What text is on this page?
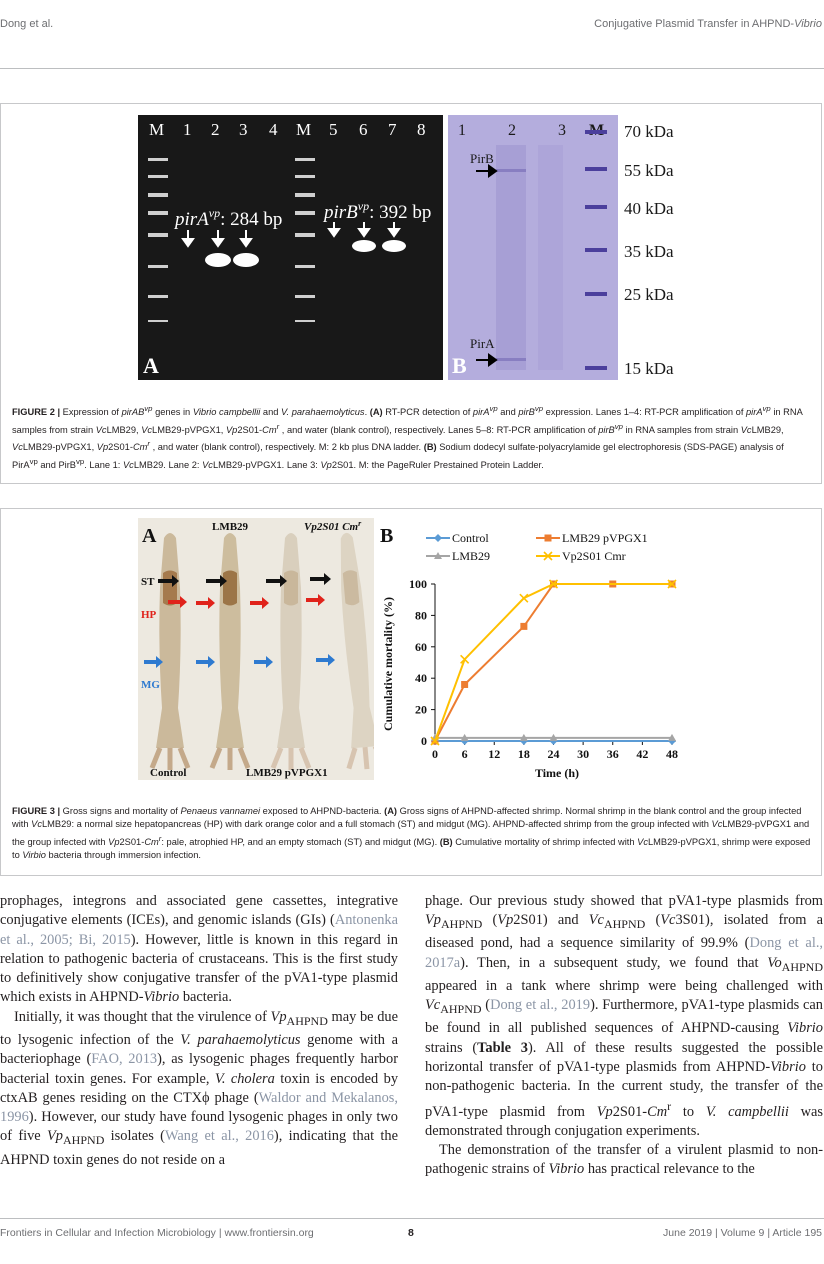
Dong et al.	Conjugative Plasmid Transfer in AHPND-Vibrio
M 1 2 3 4 M 5 6 7 8
pirA$^{vp}$: 284 bp pirB$^{vp}$: 392 bp
A
1	2	3
PirB
PirA
B
70 kDa
55 kDa
40 kDa
35 kDa
25 kDa
15 kDa
FIGURE 2 | Expression of pirAB$^{vp}$ genes in Vibrio campbellii and V. parahaemolyticus. (A) RT-PCR detection of pirA$^{vp}$ and pirB$^{vp}$ expression. Lanes 1–4: RT-PCR amplification of pirA$^{vp}$ in RNA samples from strain VcLMB29, VcLMB29-pVPGX1, Vp2S01-Cm$^r$ , and water (blank control), respectively. Lanes 5–8: RT-PCR amplification of pirB$^{vp}$ in RNA samples from strain VcLMB29, VcLMB29-pVPGX1, Vp2S01-Cm$^r$ , and water (blank control), respectively. M: 2 kb plus DNA ladder. (B) Sodium dodecyl sulfate-polyacrylamide gel electrophoresis (SDS-PAGE) analysis of PirA$^{vp}$ and PirB$^{vp}$. Lane 1: VcLMB29. Lane 2: VcLMB29-pVPGX1. Lane 3: Vp2S01. M: the PageRuler Prestained Protein Ladder.
A	LMB29	Vp2S01 Cm$^r$
ST
HP
MG
Control	LMB29 pVPGX1
B	Control	LMB29 pVPGX1
LMB29	Vp2S01 Cmr
0
20
40
60
80
100
0 6 12 18 24 30 36 42 48
Cumulative mortality (%)
Time (h)
FIGURE 3 | Gross signs and mortality of Penaeus vannamei exposed to AHPND-bacteria. (A) Gross signs of AHPND-affected shrimp. Normal shrimp in the blank control and the group infected with VcLMB29: a normal size hepatopancreas (HP) with dark orange color and a full stomach (ST) and midgut (MG). AHPND-affected shrimp from the group infected with VcLMB29-pVPGX1 and the group infected with Vp2S01-Cm$^r$: pale, atrophied HP, and an empty stomach (ST) and midgut (MG). (B) Cumulative mortality of shrimp infected with VcLMB29-pVPGX1, shrimp were exposed to Virbio bacteria through immersion infection.

prophages, integrons and associated gene cassettes, integrative conjugative elements (ICEs), and genomic islands (GIs) (Antonenka et al., 2005; Bi, 2015). However, little is known in this regard in relation to pathogenic bacteria of crustaceans. This is the first study to definitively show conjugative transfer of the pVA1-type plasmid which exists in AHPND-Vibrio bacteria.

Initially, it was thought that the virulence of $Vp_{AHPND}$ may be due to lysogenic infection of the V. parahaemolyticus genome with a bacteriophage (FAO, 2013), as lysogenic phages frequently harbor bacterial toxin genes. For example, V. cholera toxin is encoded by ctxAB genes residing on the CTXϕ phage (Waldor and Mekalanos, 1996). However, our study have found lysogenic phages in only two of five $Vp_{AHPND}$ isolates (Wang et al., 2016), indicating that the AHPND toxin genes do not reside on a

phage. Our previous study showed that pVA1-type plasmids from $Vp_{AHPND}$ (Vp2S01) and $Vc_{AHPND}$ (Vc3S01), isolated from a diseased pond, had a sequence similarity of 99.9% (Dong et al., 2017a). Then, in a subsequent study, we found that $Vo_{AHPND}$ appeared in a tank where shrimp were being challenged with $Vc_{AHPND}$ (Dong et al., 2019). Furthermore, pVA1-type plasmids can be found in all published sequences of AHPND-causing Vibrio strains (Table 3). All of these results suggested the possible horizontal transfer of pVA1-type plasmids from AHPND-Vibrio to non-pathogenic bacteria. In the current study, the transfer of the pVA1-type plasmid from Vp2S01-Cm$^r$ to V. campbellii was demonstrated through conjugation experiments.

The demonstration of the transfer of a virulent plasmid to non-pathogenic strains of Vibrio has practical relevance to the

Frontiers in Cellular and Infection Microbiology | www.frontiersin.org	8	June 2019 | Volume 9 | Article 195
